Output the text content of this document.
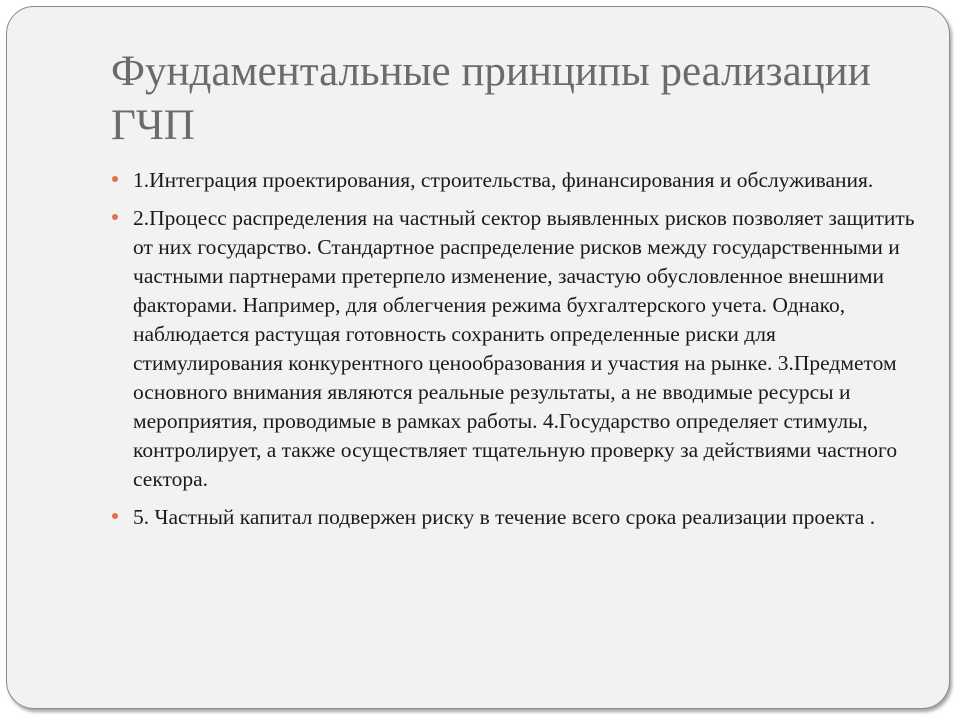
Фундаментальные принципы реализации ГЧП
1.Интеграция проектирования, строительства, финансирования и обслуживания.
2.Процесс распределения на частный сектор выявленных рисков позволяет защитить от них государство. Стандартное распределение рисков между государственными и частными партнерами претерпело изменение, зачастую обусловленное внешними факторами. Например, для облегчения режима бухгалтерского учета. Однако, наблюдается растущая готовность сохранить определенные риски для стимулирования конкурентного ценообразования и участия на рынке. 3.Предметом основного внимания являются реальные результаты, а не вводимые ресурсы и мероприятия, проводимые в рамках работы. 4.Государство определяет стимулы, контролирует, а также осуществляет тщательную проверку за действиями частного сектора.
5. Частный капитал подвержен риску в течение всего срока реализации проекта .
